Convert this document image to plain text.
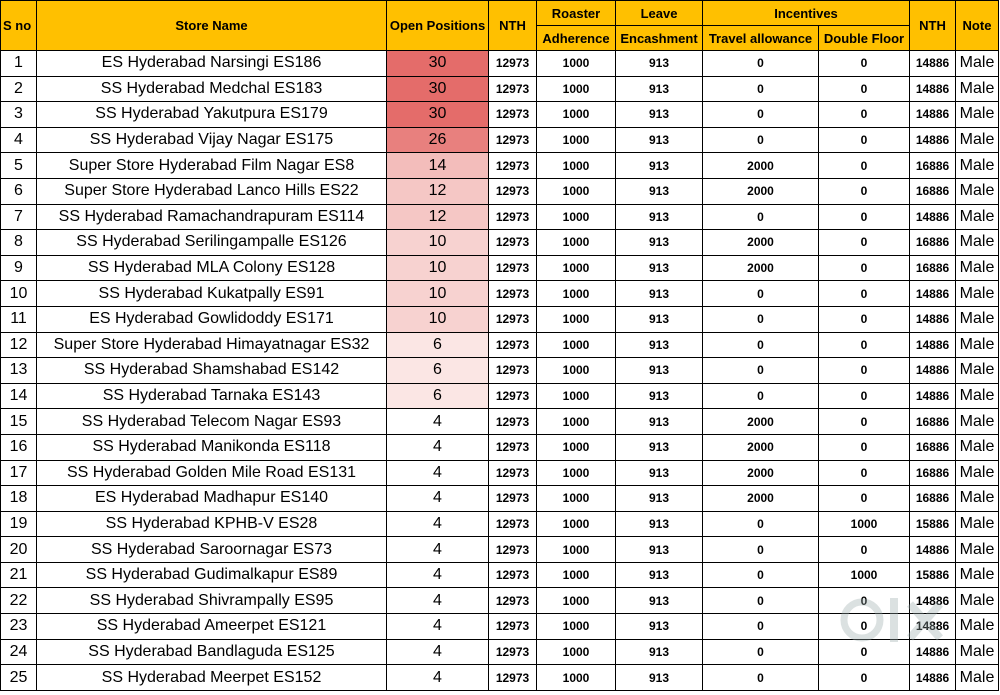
S no	Store Name	Open Positions	NTH	Roaster	Leave	Incentives		NTH	Note
				Adherence	Encashment	Travel allowance	Double Floor		
1	ES Hyderabad Narsingi ES186	30	12973	1000	913	0	0	14886	Male
2	SS Hyderabad Medchal ES183	30	12973	1000	913	0	0	14886	Male
3	SS Hyderabad Yakutpura ES179	30	12973	1000	913	0	0	14886	Male
4	SS Hyderabad Vijay Nagar ES175	26	12973	1000	913	0	0	14886	Male
5	Super Store Hyderabad Film Nagar ES8	14	12973	1000	913	2000	0	16886	Male
6	Super Store Hyderabad Lanco Hills ES22	12	12973	1000	913	2000	0	16886	Male
7	SS Hyderabad Ramachandrapuram ES114	12	12973	1000	913	0	0	14886	Male
8	SS Hyderabad Serilingampalle ES126	10	12973	1000	913	2000	0	16886	Male
9	SS Hyderabad MLA Colony ES128	10	12973	1000	913	2000	0	16886	Male
10	SS Hyderabad Kukatpally ES91	10	12973	1000	913	0	0	14886	Male
11	ES Hyderabad Gowlidoddy ES171	10	12973	1000	913	0	0	14886	Male
12	Super Store Hyderabad Himayatnagar ES32	6	12973	1000	913	0	0	14886	Male
13	SS Hyderabad Shamshabad ES142	6	12973	1000	913	0	0	14886	Male
14	SS Hyderabad Tarnaka ES143	6	12973	1000	913	0	0	14886	Male
15	SS Hyderabad Telecom Nagar ES93	4	12973	1000	913	2000	0	16886	Male
16	SS Hyderabad Manikonda ES118	4	12973	1000	913	2000	0	16886	Male
17	SS Hyderabad Golden Mile Road ES131	4	12973	1000	913	2000	0	16886	Male
18	ES Hyderabad Madhapur ES140	4	12973	1000	913	2000	0	16886	Male
19	SS Hyderabad KPHB-V ES28	4	12973	1000	913	0	1000	15886	Male
20	SS Hyderabad Saroornagar ES73	4	12973	1000	913	0	0	14886	Male
21	SS Hyderabad Gudimalkapur ES89	4	12973	1000	913	0	1000	15886	Male
22	SS Hyderabad Shivrampally ES95	4	12973	1000	913	0	0	14886	Male
23	SS Hyderabad Ameerpet ES121	4	12973	1000	913	0	0	14886	Male
24	SS Hyderabad Bandlaguda ES125	4	12973	1000	913	0	0	14886	Male
25	SS Hyderabad Meerpet ES152	4	12973	1000	913	0	0	14886	Male
